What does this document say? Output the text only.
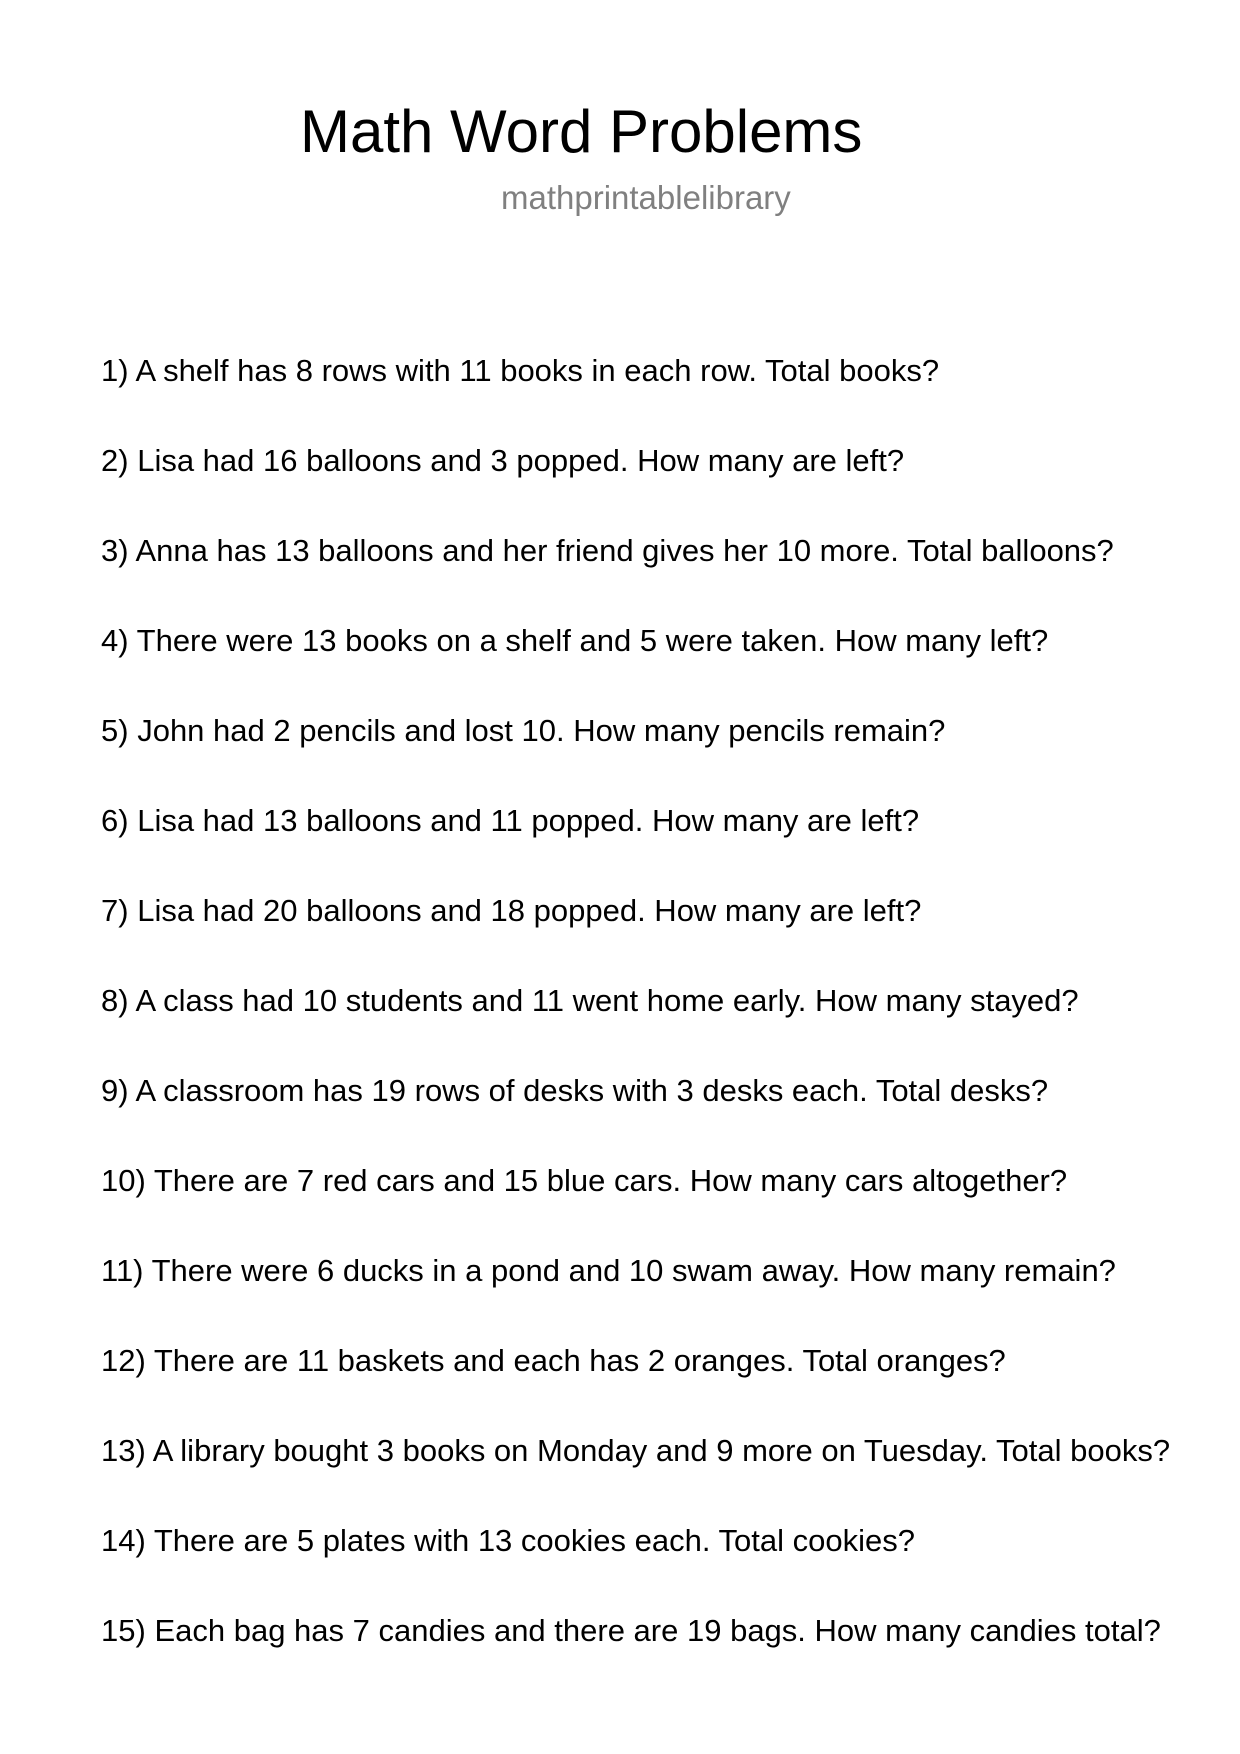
Math Word Problems
mathprintablelibrary
1) A shelf has 8 rows with 11 books in each row. Total books?
2) Lisa had 16 balloons and 3 popped. How many are left?
3) Anna has 13 balloons and her friend gives her 10 more. Total balloons?
4) There were 13 books on a shelf and 5 were taken. How many left?
5) John had 2 pencils and lost 10. How many pencils remain?
6) Lisa had 13 balloons and 11 popped. How many are left?
7) Lisa had 20 balloons and 18 popped. How many are left?
8) A class had 10 students and 11 went home early. How many stayed?
9) A classroom has 19 rows of desks with 3 desks each. Total desks?
10) There are 7 red cars and 15 blue cars. How many cars altogether?
11) There were 6 ducks in a pond and 10 swam away. How many remain?
12) There are 11 baskets and each has 2 oranges. Total oranges?
13) A library bought 3 books on Monday and 9 more on Tuesday. Total books?
14) There are 5 plates with 13 cookies each. Total cookies?
15) Each bag has 7 candies and there are 19 bags. How many candies total?
